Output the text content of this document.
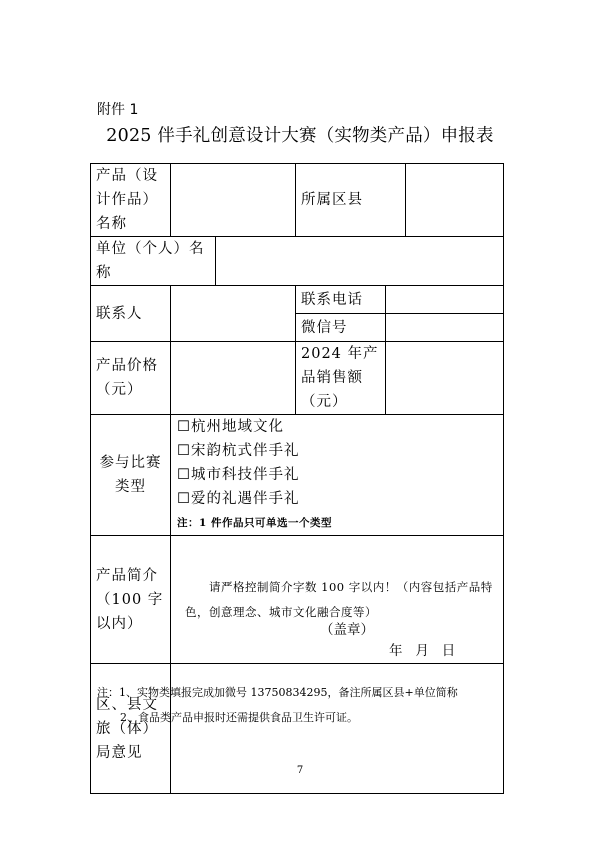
附件 1
2025 伴手礼创意设计大赛（实物类产品）申报表
产品（设计作品）名称			所属区县		
单位（个人）名称					
联系人			联系电话		
			微信号		
产品价格（元）			2024 年产品销售额（元）		
参与比赛类型	☐杭州地域文化☐宋韵杭式伴手礼
☐城市科技伴手礼☐爱的礼遇伴手礼
注：1 件作品只可单选一个类型				

产品简介（100 字以内）	请严格控制简介字数 100 字以内！（内容包括产品特色，创意理念、城市文化融合度等）				

区、县文旅（体）局意见					
（盖章）
年   月   日
注：1、实物类填报完成加微号 13750834295，备注所属区县+单位简称
2、食品类产品申报时还需提供食品卫生许可证。
7
